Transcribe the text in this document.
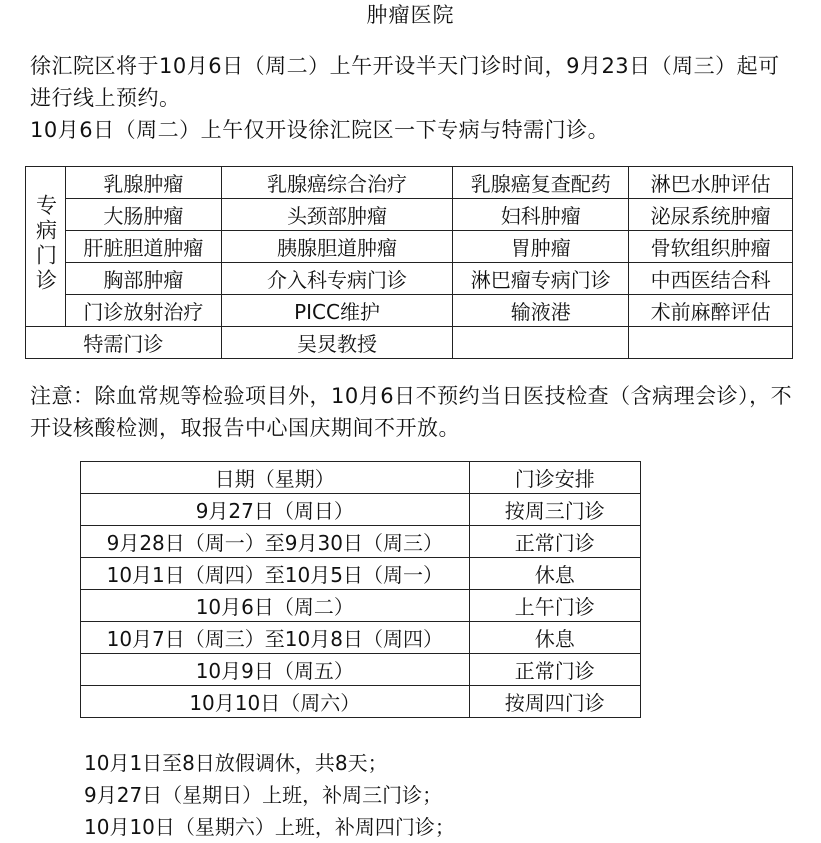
肿瘤医院
徐汇院区将于10月6日（周二）上午开设半天门诊时间，9月23日（周三）起可进行线上预约。
10月6日（周二）上午仅开设徐汇院区一下专病与特需门诊。
专病门诊	乳腺肿瘤	乳腺癌综合治疗	乳腺癌复查配药	淋巴水肿评估
	大肠肿瘤	头颈部肿瘤	妇科肿瘤	泌尿系统肿瘤
	肝脏胆道肿瘤	胰腺胆道肿瘤	胃肿瘤	骨软组织肿瘤
	胸部肿瘤	介入科专病门诊	淋巴瘤专病门诊	中西医结合科
	门诊放射治疗	PICC维护	输液港	术前麻醉评估
特需门诊		吴炅教授		
注意：除血常规等检验项目外，10月6日不预约当日医技检查（含病理会诊），不开设核酸检测，取报告中心国庆期间不开放。
日期（星期）	门诊安排
9月27日（周日）	按周三门诊
9月28日（周一）至9月30日（周三）	正常门诊
10月1日（周四）至10月5日（周一）	休息
10月6日（周二）	上午门诊
10月7日（周三）至10月8日（周四）	休息
10月9日（周五）	正常门诊
10月10日（周六）	按周四门诊
10月1日至8日放假调休，共8天；
9月27日（星期日）上班，补周三门诊；
10月10日（星期六）上班，补周四门诊；
